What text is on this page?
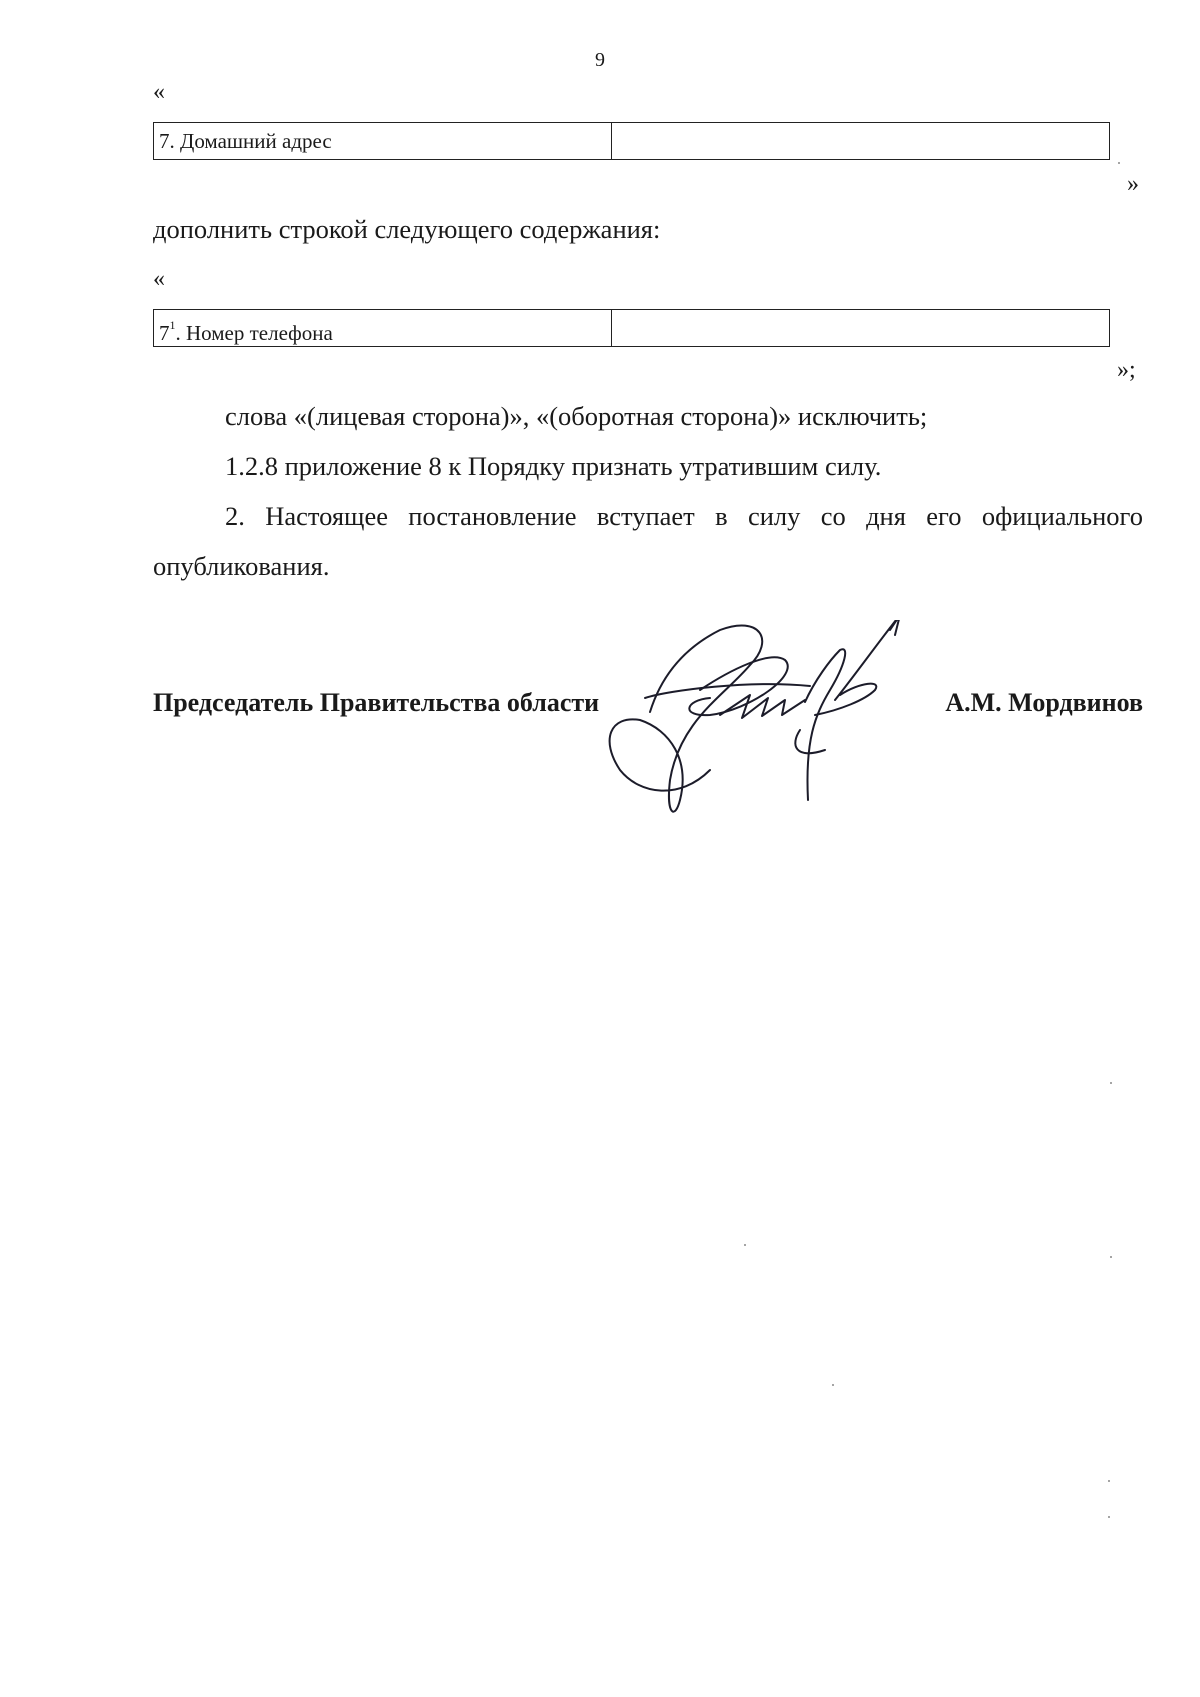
9
«
7. Домашний адрес
»
дополнить строкой следующего содержания:
«
$7^1$. Номер телефона
»;
слова «(лицевая сторона)», «(оборотная сторона)» исключить;
1.2.8 приложение 8 к Порядку признать утратившим силу.
2. Настоящее постановление вступает в силу со дня его официального опубликования.
Председатель Правительства области	А.М. Мордвинов
